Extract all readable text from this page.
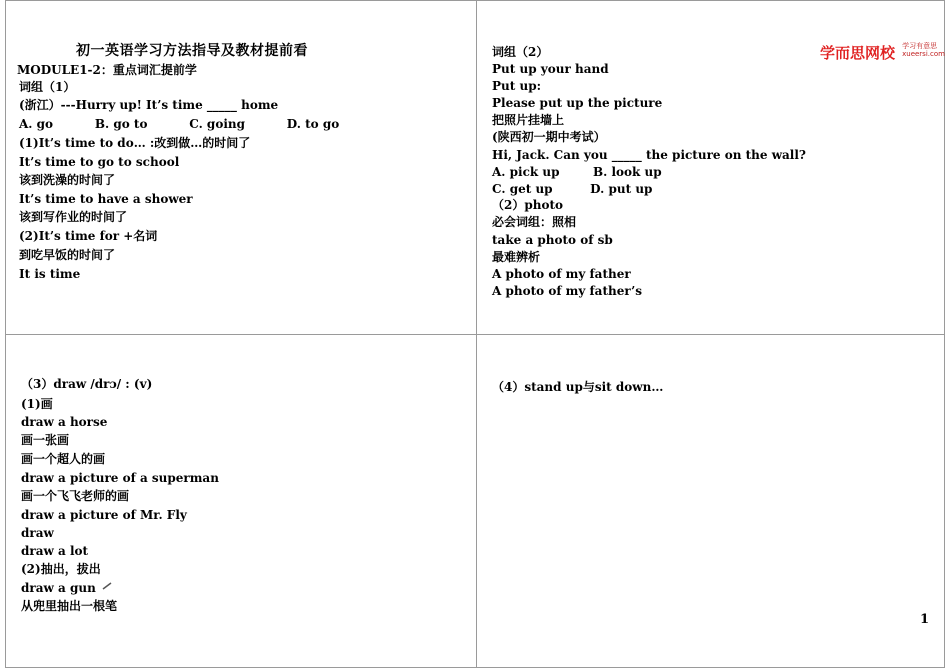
初一英语学习方法指导及教材提前看
MODULE1-2：重点词汇提前学
学而思网校 学习有意思
xueersi.com
词组（1）
(浙江）---Hurry up! It’s time _____ home
A. go          B. go to          C. going          D. to go
(1)It’s time to do… :改到做…的时间了
It’s time to go to school
该到洗澡的时间了
It’s time to have a shower
该到写作业的时间了
(2)It’s time for +名词
到吃早饭的时间了
It is time
词组（2）
Put up your hand
Put up:
Please put up the picture
把照片挂墙上
(陕西初一期中考试）
Hi, Jack. Can you _____ the picture on the wall?
A. pick up        B. look up
C. get up         D. put up
（2）photo
必会词组：照相
take a photo of sb
最难辨析
A photo of my father
A photo of my father’s
（3）draw /drɔ/ : (v)
(1)画
draw a horse
画一张画
画一个超人的画
draw a picture of a superman
画一个飞飞老师的画
draw a picture of Mr. Fly
draw
draw a lot
(2)抽出，拔出
draw a gun
从兜里抽出一根笔
（4）stand up与sit down…
1
